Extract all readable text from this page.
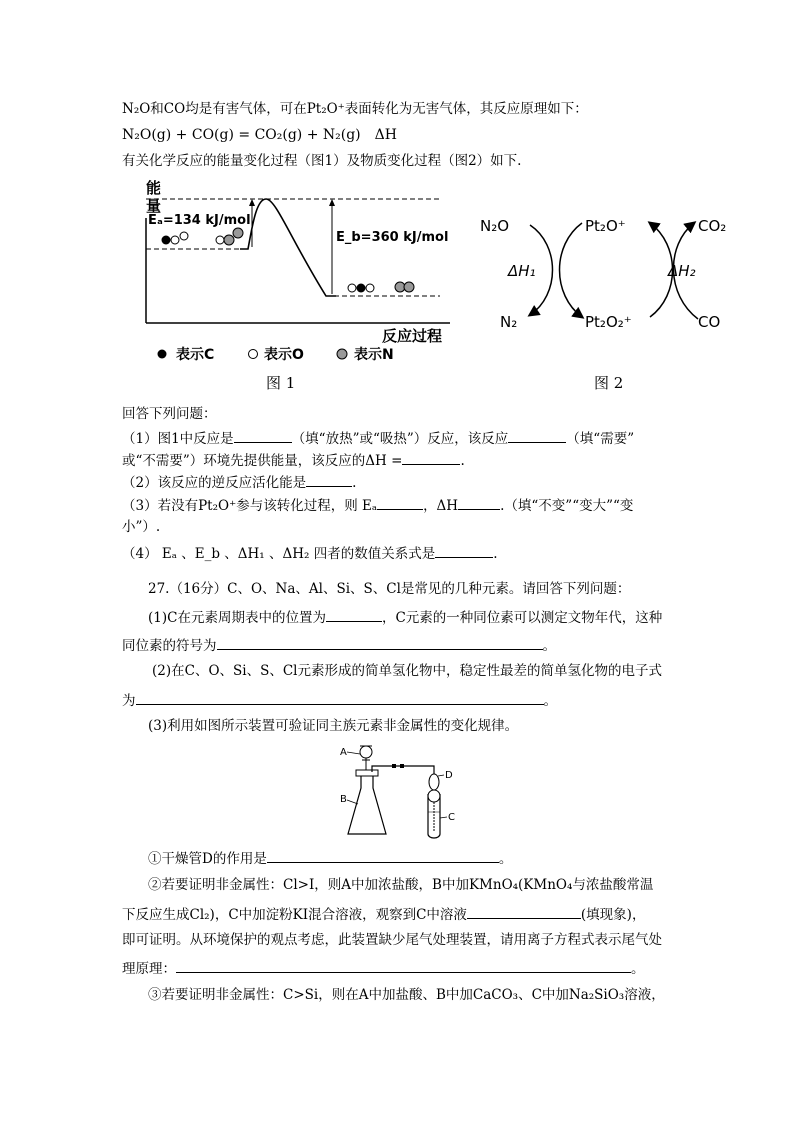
N₂O和CO均是有害气体，可在Pt₂O⁺表面转化为无害气体，其反应原理如下：
N₂O(g) + CO(g) = CO₂(g) + N₂(g)　ΔH
有关化学反应的能量变化过程（图1）及物质变化过程（图2）如下.
能
量
Eₐ=134 kJ/mol
E_b=360 kJ/mol
反应过程
表示C	表示O	表示N
图 1
N₂O	Pt₂O⁺	CO₂
ΔH₁	ΔH₂
N₂	Pt₂O₂⁺	CO
图 2
回答下列问题：
（1）图1中反应是	（填“放热”或“吸热”）反应，该反应	（填“需要”
或“不需要”）环境先提供能量，该反应的ΔH =	.
（2）该反应的逆反应活化能是	.
（3）若没有Pt₂O⁺参与该转化过程，则 Eₐ	，ΔH	.（填“不变”“变大”“变
小”）.
（4） Eₐ 、E_b 、ΔH₁ 、ΔH₂ 四者的数值关系式是	.
27.（16分）C、O、Na、Al、Si、S、Cl是常见的几种元素。请回答下列问题：
(1)C在元素周期表中的位置为	，C元素的一种同位素可以测定文物年代，这种
同位素的符号为	。
(2)在C、O、Si、S、Cl元素形成的简单氢化物中，稳定性最差的简单氢化物的电子式
为	。
(3)利用如图所示装置可验证同主族元素非金属性的变化规律。
A
B
D
C
①干燥管D的作用是	。
②若要证明非金属性：Cl>I，则A中加浓盐酸，B中加KMnO₄(KMnO₄与浓盐酸常温
下反应生成Cl₂)，C中加淀粉KI混合溶液，观察到C中溶液	(填现象)，
即可证明。从环境保护的观点考虑，此装置缺少尾气处理装置，请用离子方程式表示尾气处
理原理：	。
③若要证明非金属性：C>Si，则在A中加盐酸、B中加CaCO₃、C中加Na₂SiO₃溶液，
